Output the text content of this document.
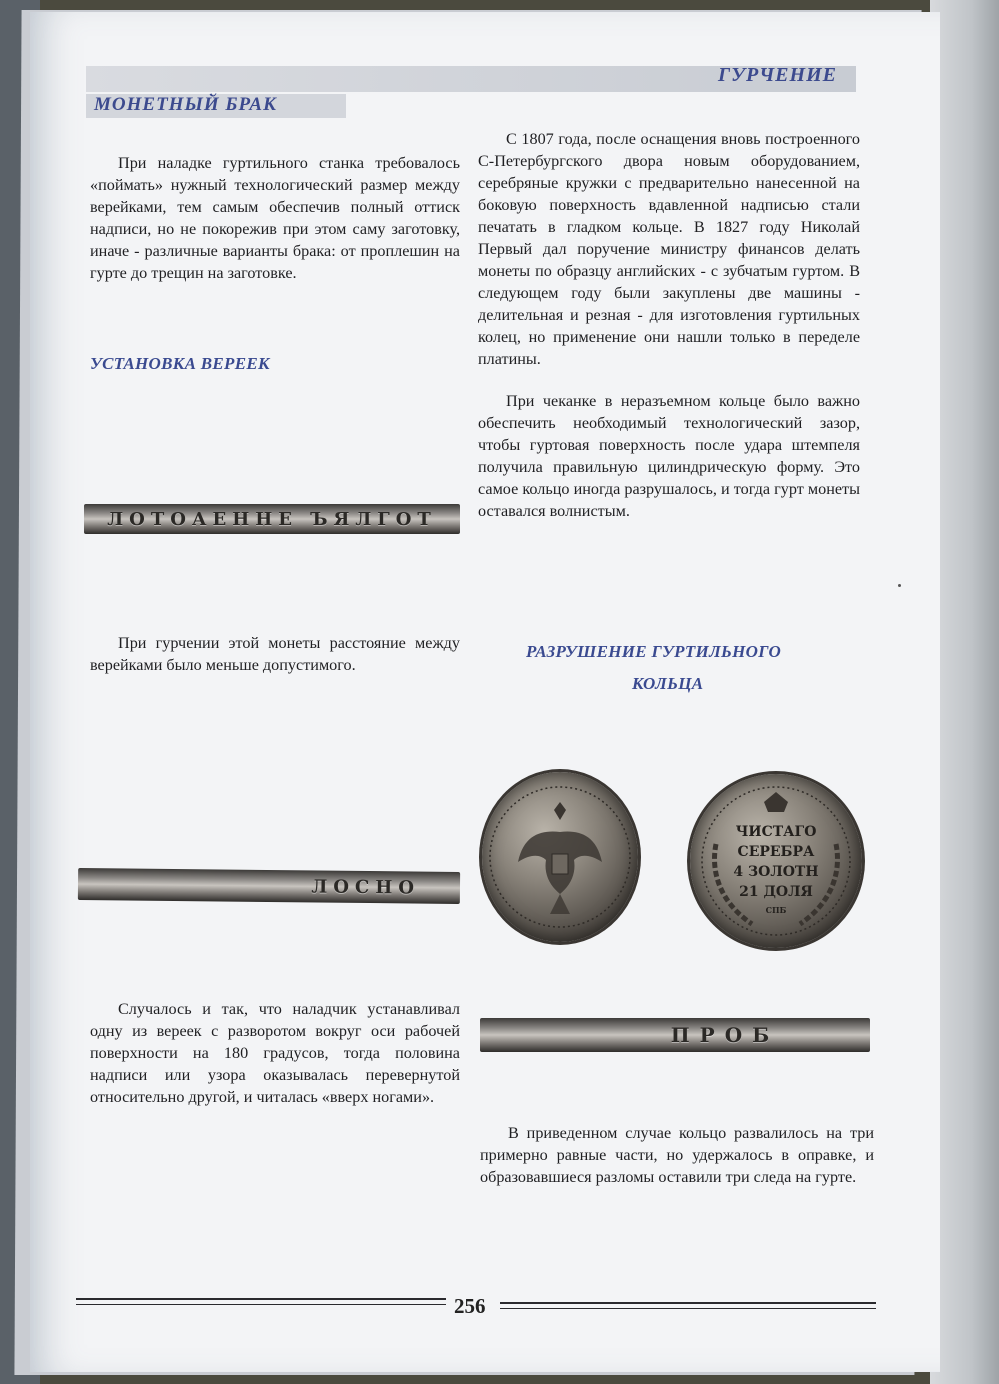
ГУРЧЕНИЕ
МОНЕТНЫЙ БРАК

При наладке гуртильного станка требовалось «поймать» нужный технологический размер между верейками, тем самым обеспечив полный оттиск надписи, но не покорежив при этом саму заготовку, иначе - различные варианты брака: от проплешин на гурте до трещин на заготовке.

УСТАНОВКА ВЕРЕЕК
ЛОТОАЕННЕ ЪЯЛГОТ

При гурчении этой монеты расстояние между верейками было меньше допустимого.

ЛОСНО

Случалось и так, что наладчик устанавливал одну из вереек с разворотом вокруг оси рабочей поверхности на 180 градусов, тогда половина надписи или узора оказывалась перевернутой относительно другой, и читалась «вверх ногами».

С 1807 года, после оснащения вновь построенного С-Петербургского двора новым оборудованием, серебряные кружки с предварительно нанесенной на боковую поверхность вдавленной надписью стали печатать в гладком кольце. В 1827 году Николай Первый дал поручение министру финансов делать монеты по образцу английских - с зубчатым гуртом. В следующем году были закуплены две машины - делительная и резная - для изготовления гуртильных колец, но применение они нашли только в переделе платины.

При чеканке в неразъемном кольце было важно обеспечить необходимый технологический зазор, чтобы гуртовая поверхность после удара штемпеля получила правильную цилиндрическую форму. Это самое кольцо иногда разрушалось, и тогда гурт монеты оставался волнистым.

РАЗРУШЕНИЕ ГУРТИЛЬНОГО
КОЛЬЦА
ЧИСТАГО
СЕРЕБРА
4 ЗОЛОТН
21 ДОЛЯ
СПБ
ПРОБ

В приведенном случае кольцо развалилось на три примерно равные части, но удержалось в оправке, и образовавшиеся разломы оставили три следа на гурте.

256
